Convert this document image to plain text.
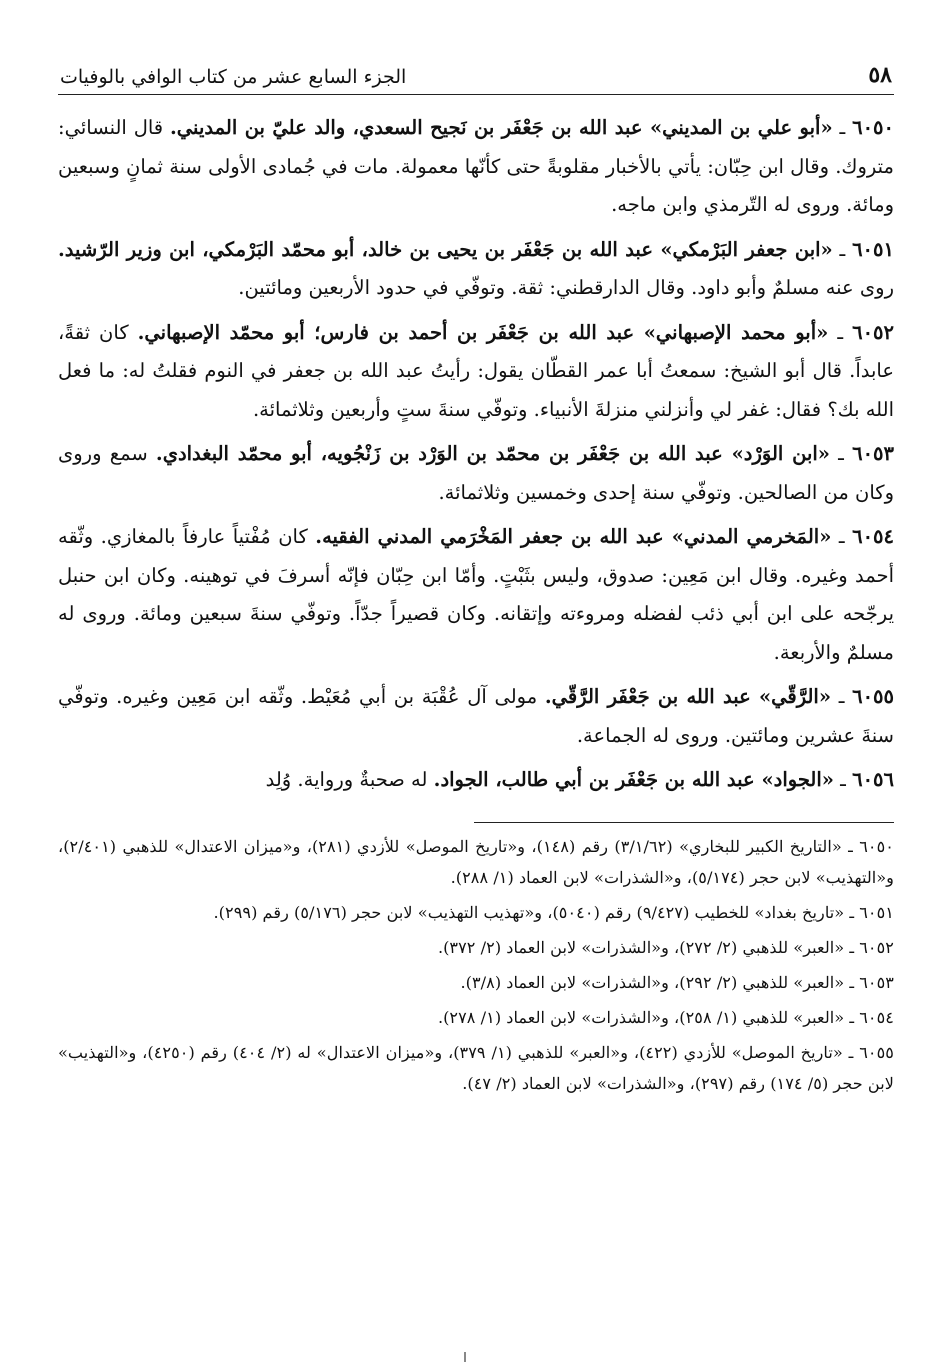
٥٨
الجزء السابع عشر من كتاب الوافي بالوفيات

٦٠٥٠ ـ «أبو علي بن المديني» عبد الله بن جَعْفَر بن نَجيح السعدي، والد عليّ بن المديني. قال النسائي: متروك. وقال ابن حِبّان: يأتي بالأخبار مقلوبةً حتى كأنّها معمولة. مات في جُمادى الأولى سنة ثمانٍ وسبعين ومائة. وروى له التّرمذي وابن ماجه.

٦٠٥١ ـ «ابن جعفر البَرْمكي» عبد الله بن جَعْفَر بن يحيى بن خالد، أبو محمّد البَرْمكي، ابن وزير الرّشيد. روى عنه مسلمٌ وأبو داود. وقال الدارقطني: ثقة. وتوفّي في حدود الأربعين ومائتين.

٦٠٥٢ ـ «أبو محمد الإصبهاني» عبد الله بن جَعْفَر بن أحمد بن فارس؛ أبو محمّد الإصبهاني. كان ثقةً، عابداً. قال أبو الشيخ: سمعتُ أبا عمر القطّان يقول: رأيتُ عبد الله بن جعفر في النوم فقلتُ له: ما فعل الله بك؟ فقال: غفر لي وأنزلني منزلةَ الأنبياء. وتوفّي سنةَ ستٍ وأربعين وثلاثمائة.

٦٠٥٣ ـ «ابن الوَرْد» عبد الله بن جَعْفَر بن محمّد بن الوَرْد بن زَنْجُويه، أبو محمّد البغدادي. سمع وروى وكان من الصالحين. وتوفّي سنة إحدى وخمسين وثلاثمائة.

٦٠٥٤ ـ «المَخرمي المدني» عبد الله بن جعفر المَخْرَمي المدني الفقيه. كان مُفْتياً عارفاً بالمغازي. وثّقه أحمد وغيره. وقال ابن مَعِين: صدوق، وليس بثَبْتٍ. وأمّا ابن حِبّان فإنّه أسرفَ في توهينه. وكان ابن حنبل يرجّحه على ابن أبي ذئب لفضله ومروءته وإتقانه. وكان قصيراً جدّاً. وتوفّي سنةَ سبعين ومائة. وروى له مسلمٌ والأربعة.

٦٠٥٥ ـ «الرَّقّي» عبد الله بن جَعْفَر الرَّقّي. مولى آل عُقْبَة بن أبي مُعَيْط. وثّقه ابن مَعِين وغيره. وتوفّي سنةَ عشرين ومائتين. وروى له الجماعة.

٦٠٥٦ ـ «الجواد» عبد الله بن جَعْفَر بن أبي طالب، الجواد. له صحبةٌ ورواية. وُلِد

٦٠٥٠ ـ «التاريخ الكبير للبخاري» (٣/١/٦٢) رقم (١٤٨)، و«تاريخ الموصل» للأزدي (٢٨١)، و«ميزان الاعتدال» للذهبي (٢/٤٠١)، و«التهذيب» لابن حجر (٥/١٧٤)، و«الشذرات» لابن العماد (١/ ٢٨٨).

٦٠٥١ ـ «تاريخ بغداد» للخطيب (٩/٤٢٧) رقم (٥٠٤٠)، و«تهذيب التهذيب» لابن حجر (٥/١٧٦) رقم (٢٩٩).

٦٠٥٢ ـ «العبر» للذهبي (٢/ ٢٧٢)، و«الشذرات» لابن العماد (٢/ ٣٧٢).

٦٠٥٣ ـ «العبر» للذهبي (٢/ ٢٩٢)، و«الشذرات» لابن العماد (٣/٨).

٦٠٥٤ ـ «العبر» للذهبي (١/ ٢٥٨)، و«الشذرات» لابن العماد (١/ ٢٧٨).

٦٠٥٥ ـ «تاريخ الموصل» للأزدي (٤٢٢)، و«العبر» للذهبي (١/ ٣٧٩)، و«ميزان الاعتدال» له (٢/ ٤٠٤) رقم (٤٢٥٠)، و«التهذيب» لابن حجر (٥/ ١٧٤) رقم (٢٩٧)، و«الشذرات» لابن العماد (٢/ ٤٧).
